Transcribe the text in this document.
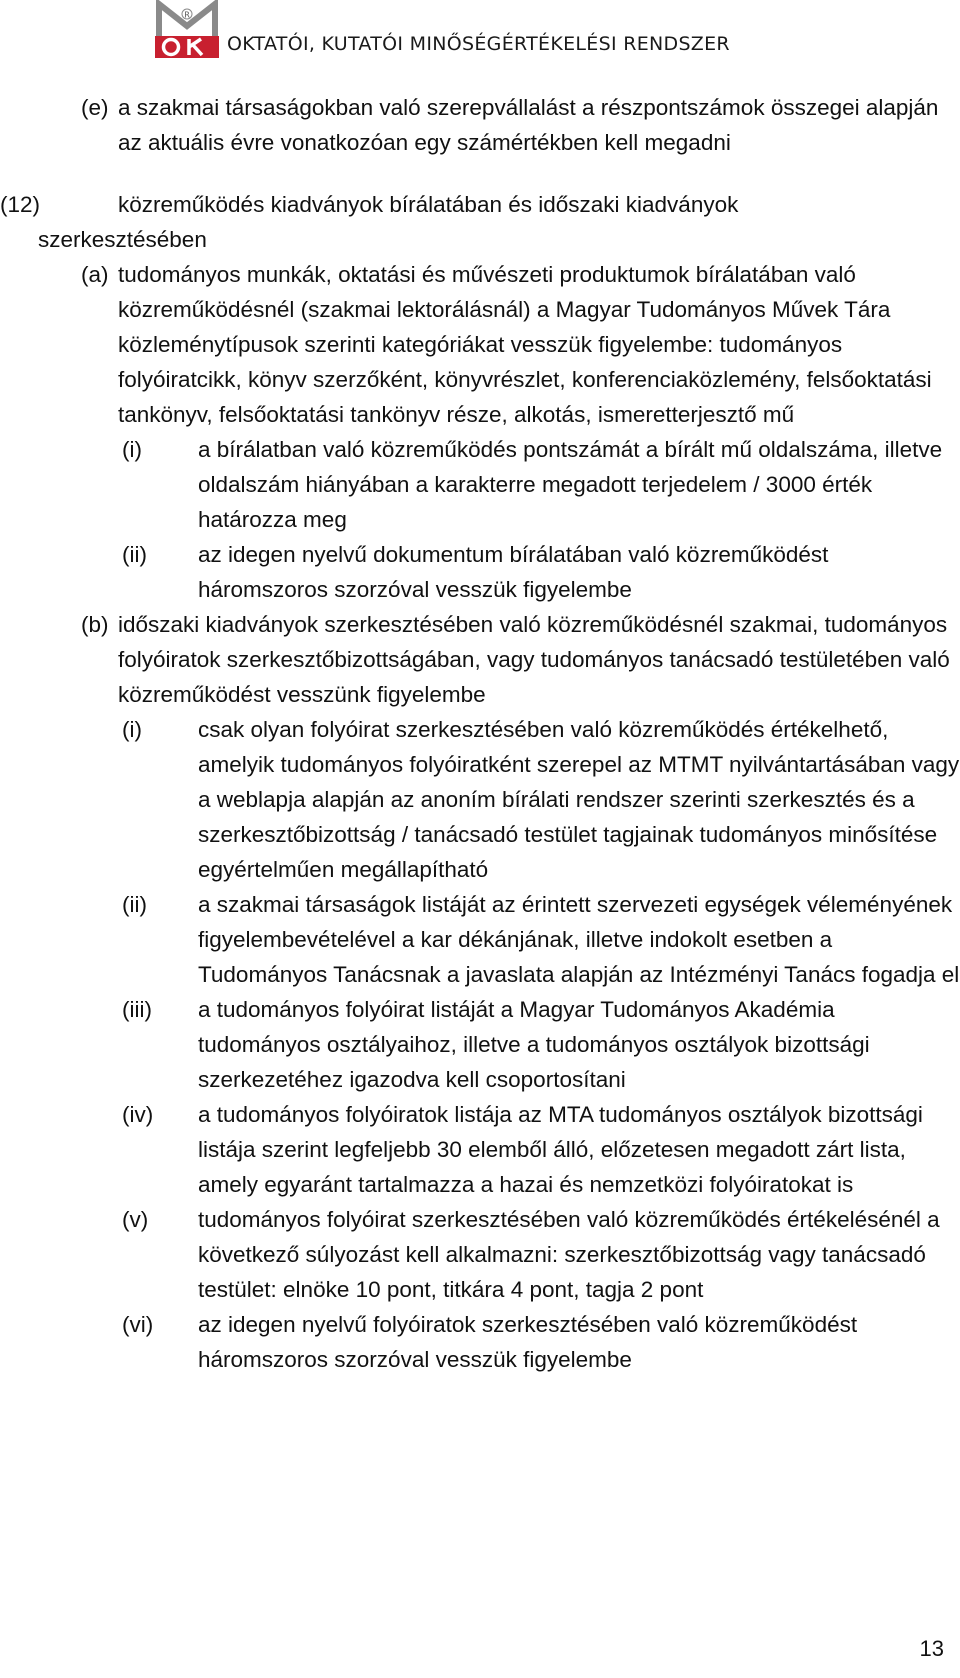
R
OKTATÓI, KUTATÓI MINŐSÉGÉRTÉKELÉSI RENDSZER
(e) a szakmai társaságokban való szerepvállalást a részpontszámok összegei alapján az aktuális évre vonatkozóan egy számértékben kell megadni
(12)	közreműködés kiadványok bírálatában és időszaki kiadványok
szerkesztésében
(a) tudományos munkák, oktatási és művészeti produktumok bírálatában való közreműködésnél (szakmai lektorálásnál) a Magyar Tudományos Művek Tára közleménytípusok szerinti kategóriákat vesszük figyelembe: tudományos folyóiratcikk, könyv szerzőként, könyvrészlet, konferenciaközlemény, felsőoktatási tankönyv, felsőoktatási tankönyv része, alkotás, ismeretterjesztő mű
(i) a bírálatban való közreműködés pontszámát a bírált mű oldalszáma, illetve oldalszám hiányában a karakterre megadott terjedelem / 3000 érték határozza meg
(ii) az idegen nyelvű dokumentum bírálatában való közreműködést háromszoros szorzóval vesszük figyelembe
(b) időszaki kiadványok szerkesztésében való közreműködésnél szakmai, tudományos folyóiratok szerkesztőbizottságában, vagy tudományos tanácsadó testületében való közreműködést vesszünk figyelembe
(i) csak olyan folyóirat szerkesztésében való közreműködés értékelhető, amelyik tudományos folyóiratként szerepel az MTMT nyilvántartásában vagy a weblapja alapján az anoním bírálati rendszer szerinti szerkesztés és a szerkesztőbizottság / tanácsadó testület tagjainak tudományos minősítése egyértelműen megállapítható
(ii) a szakmai társaságok listáját az érintett szervezeti egységek véleményének figyelembevételével a kar dékánjának, illetve indokolt esetben a Tudományos Tanácsnak a javaslata alapján az Intézményi Tanács fogadja el
(iii) a tudományos folyóirat listáját a Magyar Tudományos Akadémia tudományos osztályaihoz, illetve a tudományos osztályok bizottsági szerkezetéhez igazodva kell csoportosítani
(iv) a tudományos folyóiratok listája az MTA tudományos osztályok bizottsági listája szerint legfeljebb 30 elemből álló, előzetesen megadott zárt lista, amely egyaránt tartalmazza a hazai és nemzetközi folyóiratokat is
(v) tudományos folyóirat szerkesztésében való közreműködés értékelésénél a következő súlyozást kell alkalmazni: szerkesztőbizottság vagy tanácsadó testület: elnöke 10 pont, titkára 4 pont, tagja 2 pont
(vi) az idegen nyelvű folyóiratok szerkesztésében való közreműködést háromszoros szorzóval vesszük figyelembe
13
